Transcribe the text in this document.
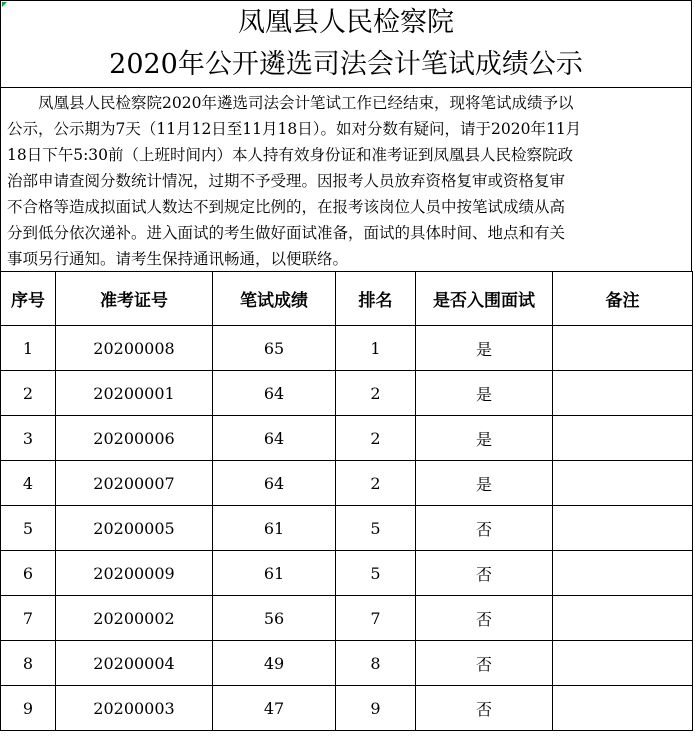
凤凰县人民检察院
2020年公开遴选司法会计笔试成绩公示
　　凤凰县人民检察院2020年遴选司法会计笔试工作已经结束，现将笔试成绩予以
公示，公示期为7天（11月12日至11月18日）。如对分数有疑问，请于2020年11月
18日下午5:30前（上班时间内）本人持有效身份证和准考证到凤凰县人民检察院政
治部申请查阅分数统计情况，过期不予受理。因报考人员放弃资格复审或资格复审
不合格等造成拟面试人数达不到规定比例的，在报考该岗位人员中按笔试成绩从高
分到低分依次递补。进入面试的考生做好面试准备，面试的具体时间、地点和有关
事项另行通知。请考生保持通讯畅通，以便联络。
序号	准考证号	笔试成绩	排名	是否入围面试	备注
1	20200008	65	1	是	
2	20200001	64	2	是	
3	20200006	64	2	是	
4	20200007	64	2	是	
5	20200005	61	5	否	
6	20200009	61	5	否	
7	20200002	56	7	否	
8	20200004	49	8	否	
9	20200003	47	9	否	
